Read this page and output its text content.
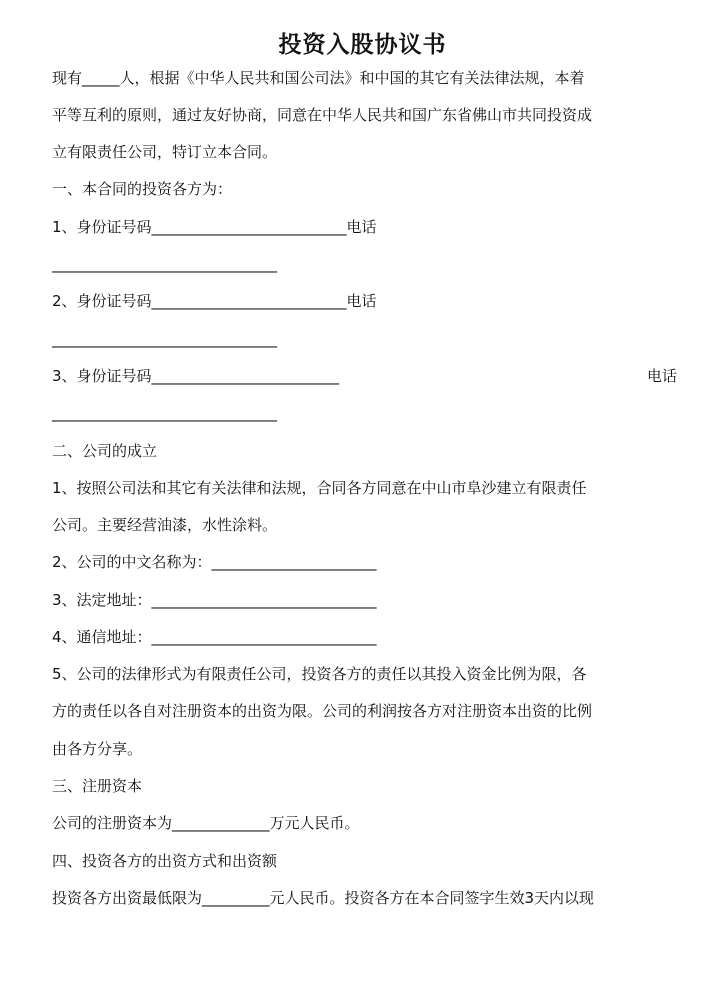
投资入股协议书
现有_____人，根据《中华人民共和国公司法》和中国的其它有关法律法规，本着
平等互利的原则，通过友好协商，同意在中华人民共和国广东省佛山市共同投资成
立有限责任公司，特订立本合同。
一、本合同的投资各方为：
1、身份证号码__________________________电话
______________________________
2、身份证号码__________________________电话
______________________________
3、身份证号码_________________________	电话
______________________________
二、公司的成立
1、按照公司法和其它有关法律和法规，合同各方同意在中山市阜沙建立有限责任
公司。主要经营油漆，水性涂料。
2、公司的中文名称为：______________________
3、法定地址：______________________________
4、通信地址：______________________________
5、公司的法律形式为有限责任公司，投资各方的责任以其投入资金比例为限，各
方的责任以各自对注册资本的出资为限。公司的利润按各方对注册资本出资的比例
由各方分享。
三、注册资本
公司的注册资本为_____________万元人民币。
四、投资各方的出资方式和出资额
投资各方出资最低限为_________元人民币。投资各方在本合同签字生效3天内以现
